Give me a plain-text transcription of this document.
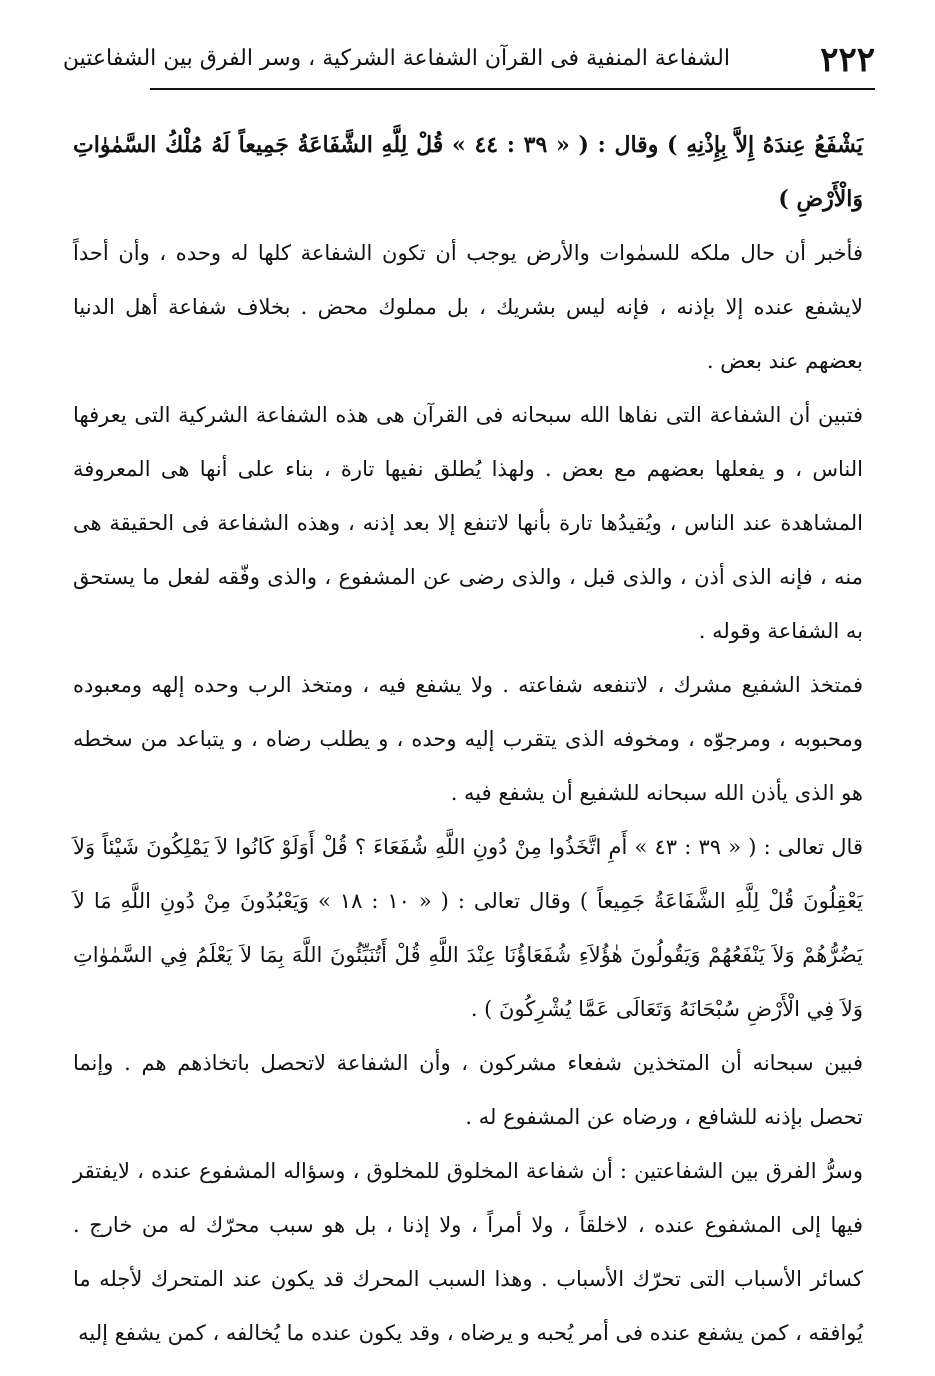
٢٢٢
الشفاعة المنفية فى القرآن الشفاعة الشركية ، وسر الفرق بين الشفاعتين

يَشْفَعُ عِندَهُ إِلاَّ بِإِذْنِهِ ) وقال : ( « ٣٩ : ٤٤ » قُلْ لِلَّهِ الشَّفَاعَةُ جَمِيعاً لَهُ مُلْكُ السَّمٰوٰاتِ وَالْأَرْضِ )

فأخبر أن حال ملكه للسمٰوات والأرض يوجب أن تكون الشفاعة كلها له وحده ، وأن أحداً لايشفع عنده إلا بإذنه ، فإنه ليس بشريك ، بل مملوك محض . بخلاف شفاعة أهل الدنيا بعضهم عند بعض .

فتبين أن الشفاعة التى نفاها الله سبحانه فى القرآن هى هذه الشفاعة الشركية التى يعرفها الناس ، و يفعلها بعضهم مع بعض . ولهذا يُطلق نفيها تارة ، بناء على أنها هى المعروفة المشاهدة عند الناس ، ويُقيدُها تارة بأنها لاتنفع إلا بعد إذنه ، وهذه الشفاعة فى الحقيقة هى منه ، فإنه الذى أذن ، والذى قبل ، والذى رضى عن المشفوع ، والذى وفّقه لفعل ما يستحق به الشفاعة وقوله .

فمتخذ الشفيع مشرك ، لاتنفعه شفاعته . ولا يشفع فيه ، ومتخذ الرب وحده إلهه ومعبوده ومحبوبه ، ومرجوّه ، ومخوفه الذى يتقرب إليه وحده ، و يطلب رضاه ، و يتباعد من سخطه هو الذى يأذن الله سبحانه للشفيع أن يشفع فيه .

قال تعالى : ( « ٣٩ : ٤٣ » أَمِ اتَّخَذُوا مِنْ دُونِ اللَّهِ شُفَعَاءَ ؟ قُلْ أَوَلَوْ كَانُوا لاَ يَمْلِكُونَ شَيْئاً وَلاَ يَعْقِلُونَ قُلْ لِلَّهِ الشَّفَاعَةُ جَمِيعاً ) وقال تعالى : ( « ١٠ : ١٨ » وَيَعْبُدُونَ مِنْ دُونِ اللَّهِ مَا لاَ يَضُرُّهُمْ وَلاَ يَنْفَعُهُمْ وَيَقُولُونَ هٰؤُلاَءِ شُفَعَاؤُنَا عِنْدَ اللَّهِ قُلْ أَتُنَبِّئُونَ اللَّهَ بِمَا لاَ يَعْلَمُ فِي السَّمٰوٰاتِ وَلاَ فِي الْأَرْضِ سُبْحَانَهُ وَتَعَالَى عَمَّا يُشْرِكُونَ ) .

فبين سبحانه أن المتخذين شفعاء مشركون ، وأن الشفاعة لاتحصل باتخاذهم هم . وإنما تحصل بإذنه للشافع ، ورضاه عن المشفوع له .

وسرُّ الفرق بين الشفاعتين : أن شفاعة المخلوق للمخلوق ، وسؤاله المشفوع عنده ، لايفتقر فيها إلى المشفوع عنده ، لاخلقاً ، ولا أمراً ، ولا إذنا ، بل هو سبب محرّك له من خارج . كسائر الأسباب التى تحرّك الأسباب . وهذا السبب المحرك قد يكون عند المتحرك لأجله ما يُوافقه ، كمن يشفع عنده فى أمر يُحبه و يرضاه ، وقد يكون عنده ما يُخالفه ، كمن يشفع إليه
